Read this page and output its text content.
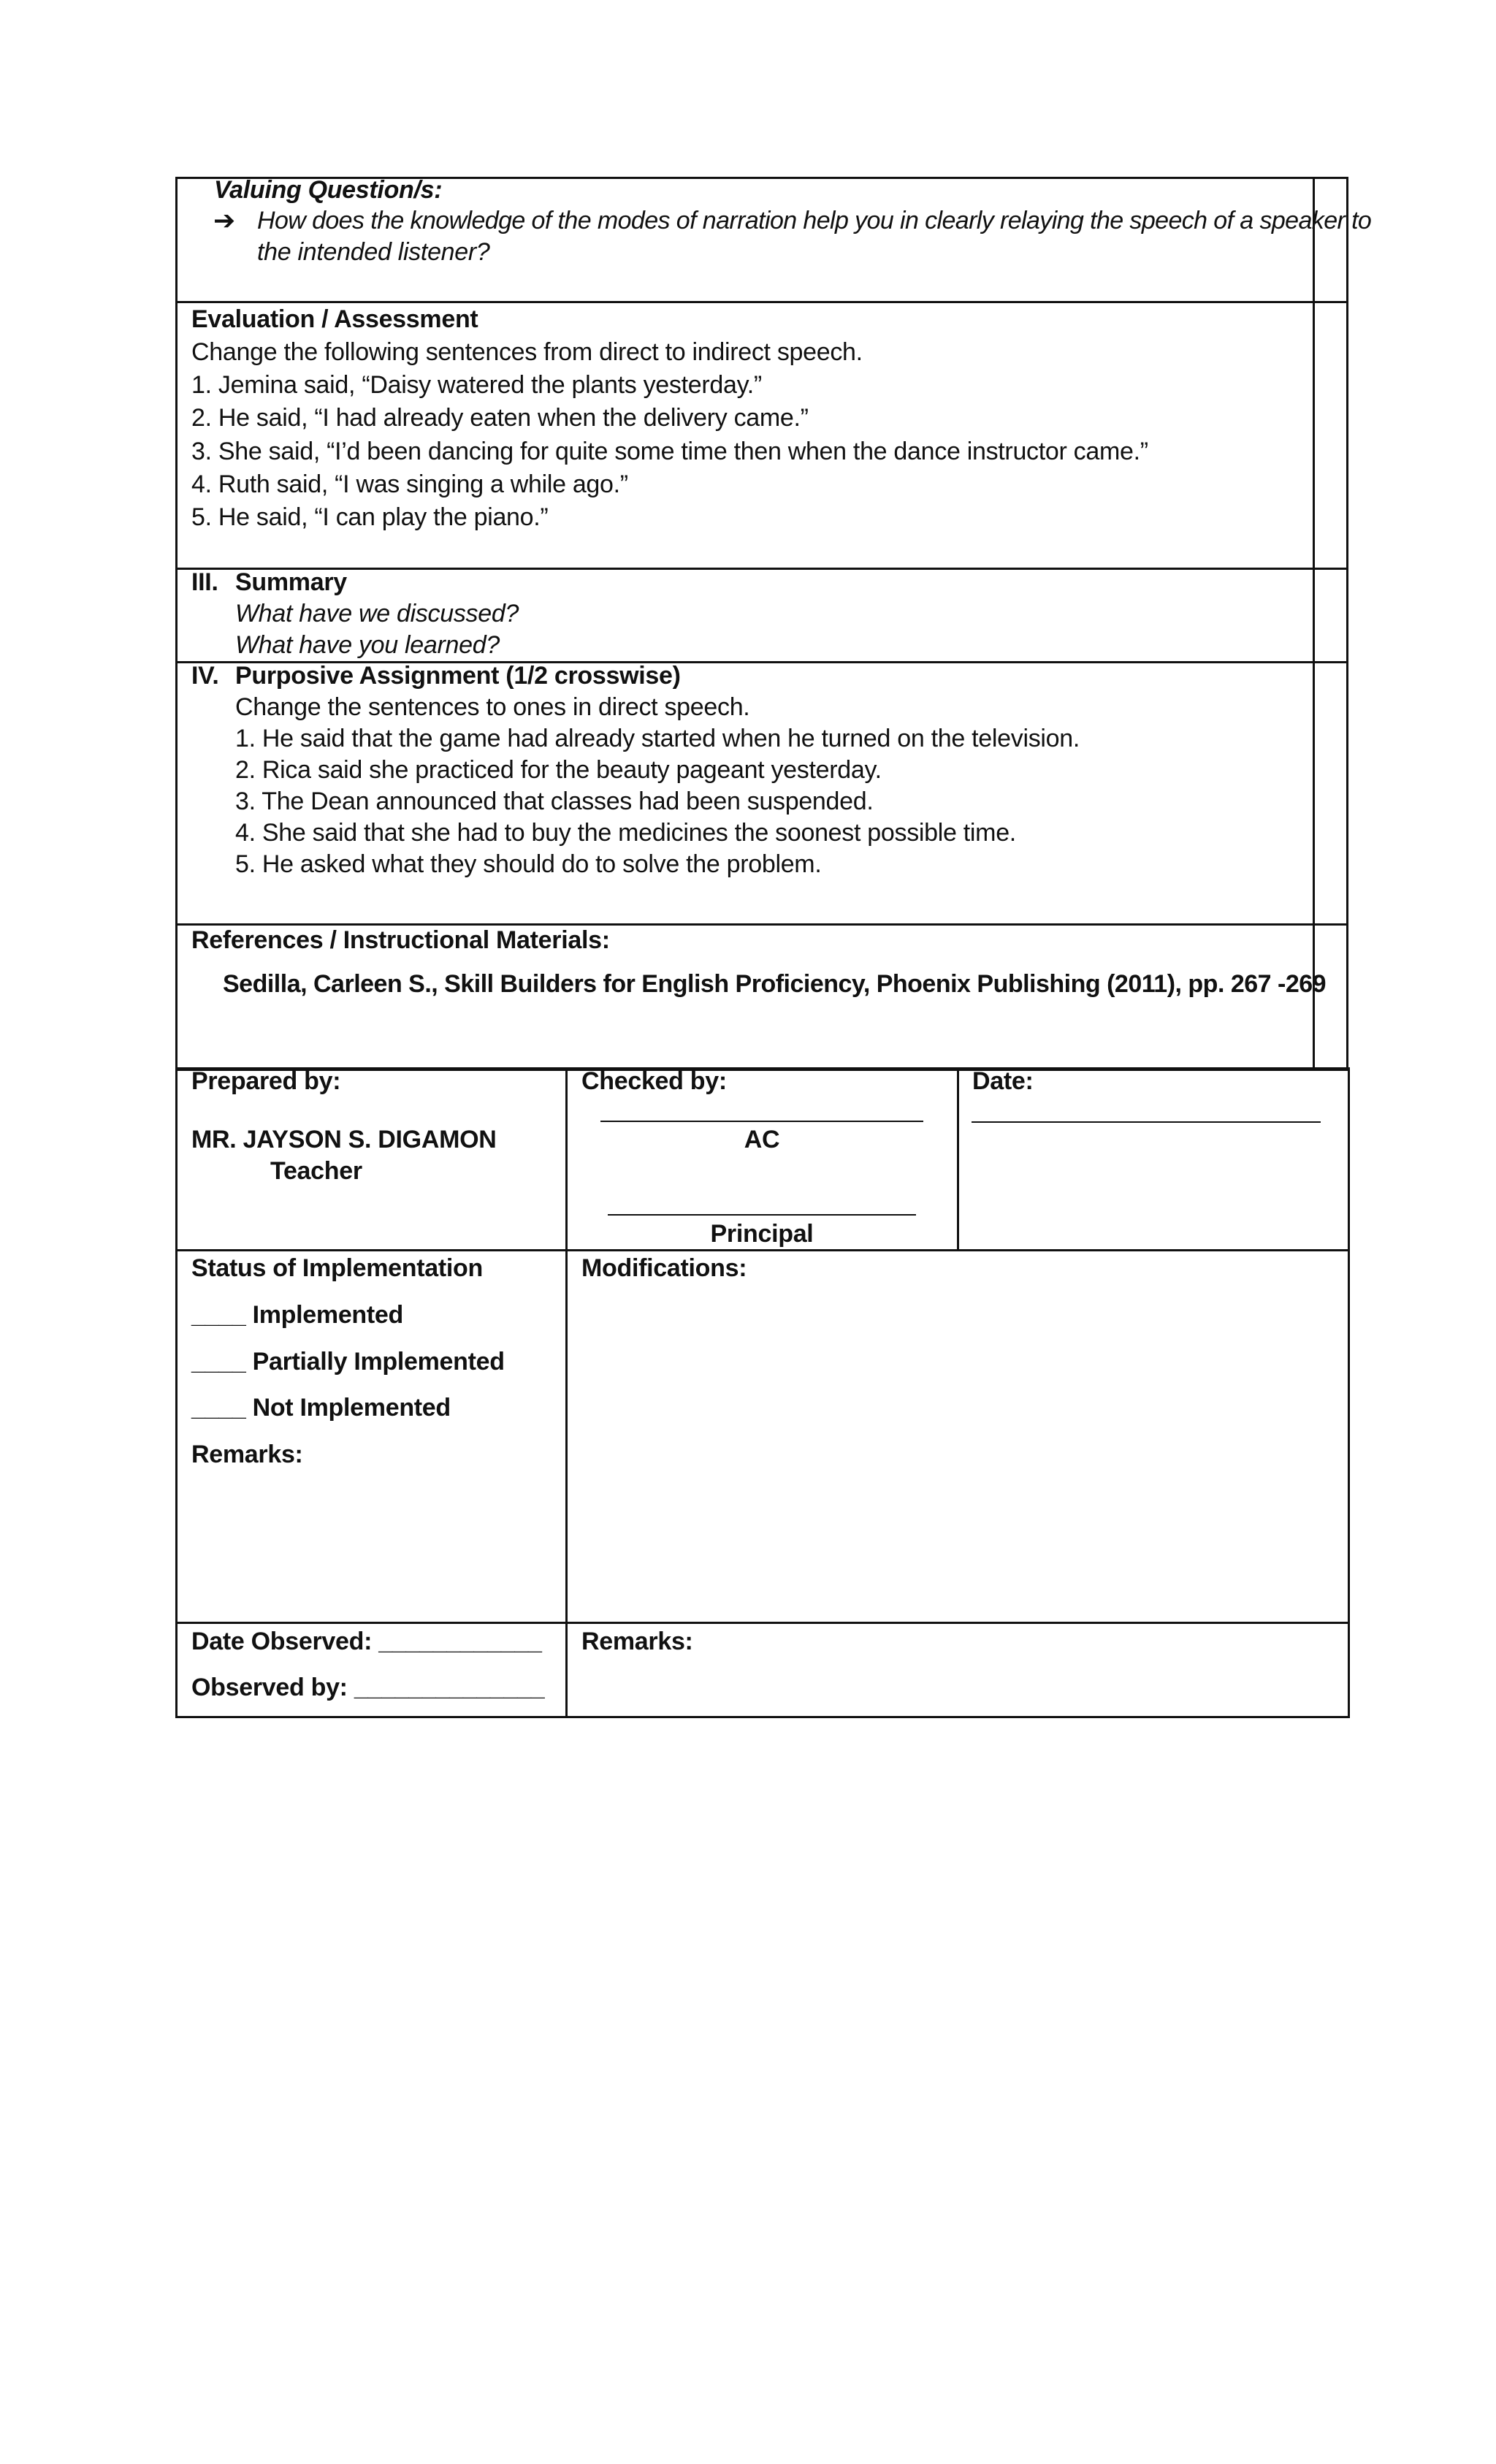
Valuing Question/s:
➔ How does the knowledge of the modes of narration help you in clearly relaying the speech of a speaker to
the intended listener?
Evaluation / Assessment
Change the following sentences from direct to indirect speech.
1. Jemina said, “Daisy watered the plants yesterday.”
2. He said, “I had already eaten when the delivery came.”
3. She said, “I’d been dancing for quite some time then when the dance instructor came.”
4. Ruth said, “I was singing a while ago.”
5. He said, “I can play the piano.”
III. Summary
What have we discussed?
What have you learned?
IV. Purposive Assignment (1/2 crosswise)
Change the sentences to ones in direct speech.
1. He said that the game had already started when he turned on the television.
2. Rica said she practiced for the beauty pageant yesterday.
3. The Dean announced that classes had been suspended.
4. She said that she had to buy the medicines the soonest possible time.
5. He asked what they should do to solve the problem.
References / Instructional Materials:
Sedilla, Carleen S., Skill Builders for English Proficiency, Phoenix Publishing (2011), pp. 267 -269
Prepared by:
MR. JAYSON S. DIGAMON
Teacher
Checked by:
AC
Principal
Date:
Status of Implementation
____ Implemented
____ Partially Implemented
____ Not Implemented
Remarks:
Modifications:
Date Observed: ____________
Observed by: ______________
Remarks:
